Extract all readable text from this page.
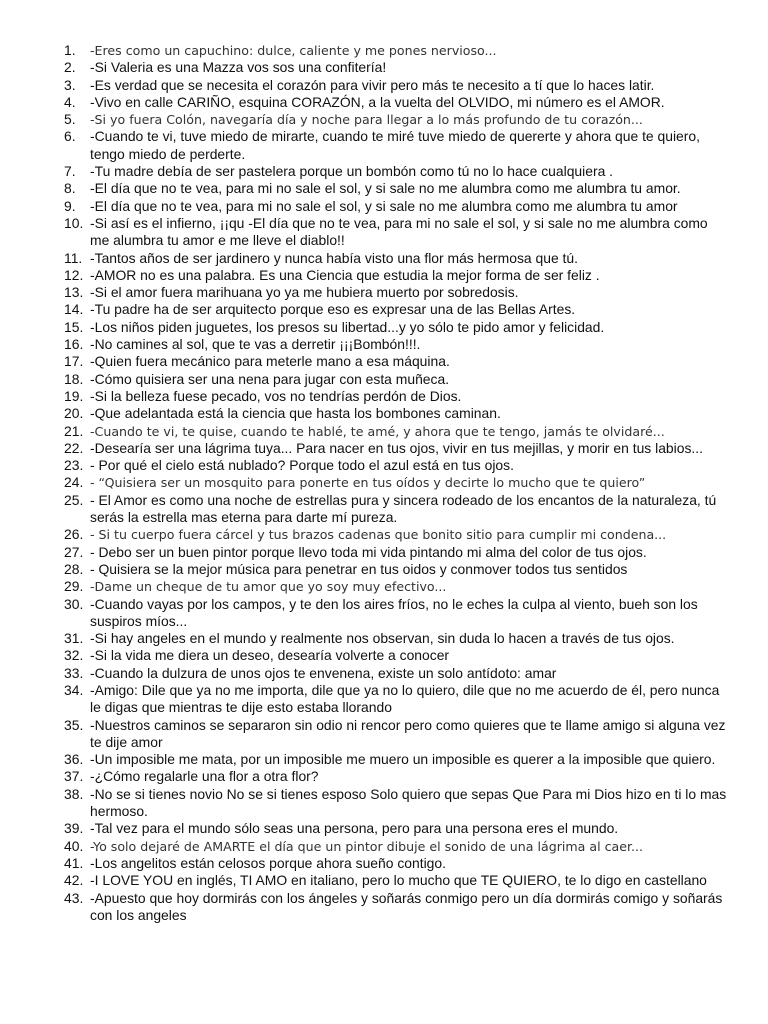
1.	-Eres como un capuchino: dulce, caliente y me pones nervioso...
2.	-Si Valeria es una Mazza vos sos una confitería!
3.	-Es verdad que se necesita el corazón para vivir pero más te necesito a tí que lo haces latir.
4.	-Vivo en calle CARIÑO, esquina CORAZÓN, a la vuelta del OLVIDO, mi número es el AMOR.
5.	-Si yo fuera Colón, navegaría día y noche para llegar a lo más profundo de tu corazón...
6.	-Cuando te vi, tuve miedo de mirarte, cuando te miré tuve miedo de quererte y ahora que te quiero, tengo miedo de perderte.
7.	-Tu madre debía de ser pastelera porque un bombón como tú no lo hace cualquiera .
8.	-El día que no te vea, para mi no sale el sol, y si sale no me alumbra como me alumbra tu amor.
9.	-El día que no te vea, para mi no sale el sol, y si sale no me alumbra como me alumbra tu amor
10. -Si así es el infierno, ¡¡qu -El día que no te vea, para mi no sale el sol, y si sale no me alumbra como me alumbra tu amor e me lleve el diablo!!
11. -Tantos años de ser jardinero y nunca había visto una flor más hermosa que tú.
12. -AMOR no es una palabra. Es una Ciencia que estudia la mejor forma de ser feliz .
13. -Si el amor fuera marihuana yo ya me hubiera muerto por sobredosis.
14. -Tu padre ha de ser arquitecto porque eso es expresar una de las Bellas Artes.
15. -Los niños piden juguetes, los presos su libertad...y yo sólo te pido amor y felicidad.
16. -No camines al sol, que te vas a derretir ¡¡¡Bombón!!!.
17. -Quien fuera mecánico para meterle mano a esa máquina.
18. -Cómo quisiera ser una nena para jugar con esta muñeca.
19. -Si la belleza fuese pecado, vos no tendrías perdón de Dios.
20. -Que adelantada está la ciencia que hasta los bombones caminan.
21. -Cuando te vi, te quise, cuando te hablé, te amé, y ahora que te tengo, jamás te olvidaré...
22. -Desearía ser una lágrima tuya... Para nacer en tus ojos, vivir en tus mejillas, y morir en tus labios...
23. - Por qué el cielo está nublado? Porque todo el azul está en tus ojos.
24. - “Quisiera ser un mosquito para ponerte en tus oídos y decirte lo mucho que te quiero”
25. - El Amor es como una noche de estrellas pura y sincera rodeado de los encantos de la naturaleza, tú serás la estrella mas eterna para darte mí pureza.
26. - Si tu cuerpo fuera cárcel y tus brazos cadenas que bonito sitio para cumplir mi condena...
27. - Debo ser un buen pintor porque llevo toda mi vida pintando mi alma del color de tus ojos.
28. - Quisiera se la mejor música para penetrar en tus oidos y conmover todos tus sentidos
29. -Dame un cheque de tu amor que yo soy muy efectivo...
30. -Cuando vayas por los campos, y te den los aires fríos, no le eches la culpa al viento, bueh son los suspiros míos...
31. -Si hay angeles en el mundo y realmente nos observan, sin duda lo hacen a través de tus ojos.
32. -Si la vida me diera un deseo, desearía volverte a conocer
33. -Cuando la dulzura de unos ojos te envenena, existe un solo antídoto: amar
34. -Amigo: Dile que ya no me importa, dile que ya no lo quiero, dile que no me acuerdo de él, pero nunca le digas que mientras te dije esto estaba llorando
35. -Nuestros caminos se separaron sin odio ni rencor pero como quieres que te llame amigo si alguna vez te dije amor
36. -Un imposible me mata, por un imposible me muero un imposible es querer a la imposible que quiero.
37. -¿Cómo regalarle una flor a otra flor?
38. -No se si tienes novio No se si tienes esposo Solo quiero que sepas Que Para mi Dios hizo en ti lo mas hermoso.
39. -Tal vez para el mundo sólo seas una persona, pero para una persona eres el mundo.
40. -Yo solo dejaré de AMARTE el día que un pintor dibuje el sonido de una lágrima al caer...
41. -Los angelitos están celosos porque ahora sueño contigo.
42. -I LOVE YOU en inglés, TI AMO en italiano, pero lo mucho que TE QUIERO, te lo digo en castellano
43. -Apuesto que hoy dormirás con los ángeles y soñarás conmigo pero un día dormirás comigo y soñarás con los angeles
